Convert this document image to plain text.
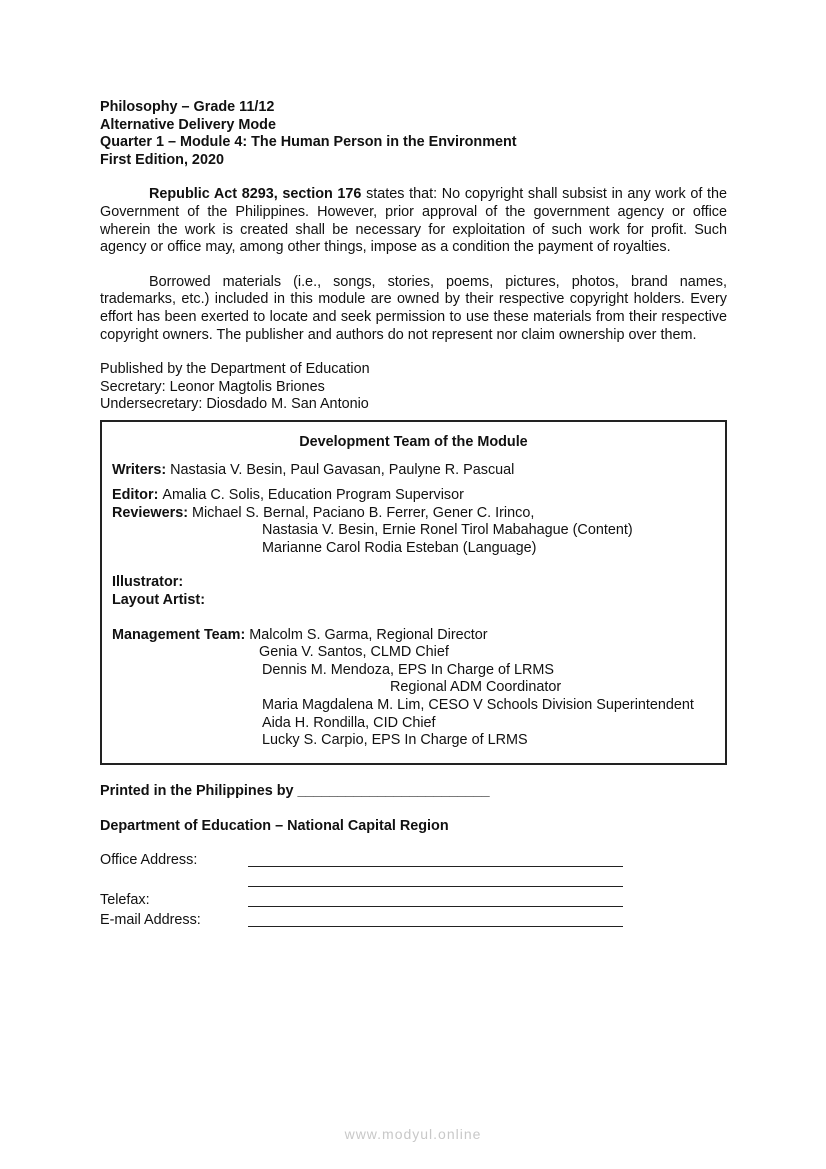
Philosophy – Grade 11/12
Alternative Delivery Mode
Quarter 1 – Module 4: The Human Person in the Environment
First Edition, 2020
Republic Act 8293, section 176 states that: No copyright shall subsist in any work of the Government of the Philippines. However, prior approval of the government agency or office wherein the work is created shall be necessary for exploitation of such work for profit. Such agency or office may, among other things, impose as a condition the payment of royalties.
Borrowed materials (i.e., songs, stories, poems, pictures, photos, brand names, trademarks, etc.) included in this module are owned by their respective copyright holders. Every effort has been exerted to locate and seek permission to use these materials from their respective copyright owners. The publisher and authors do not represent nor claim ownership over them.
Published by the Department of Education
Secretary: Leonor Magtolis Briones
Undersecretary: Diosdado M. San Antonio
Development Team of the Module
Writers:
Nastasia V. Besin, Paul Gavasan, Paulyne R. Pascual
Editor:
Amalia C. Solis, Education Program Supervisor
Reviewers:
Michael S. Bernal, Paciano B. Ferrer, Gener C. Irinco,
Nastasia V. Besin, Ernie Ronel Tirol Mabahague (Content)
Marianne Carol Rodia Esteban (Language)
Illustrator:
Layout Artist:
Management Team:
Malcolm S. Garma, Regional Director
Genia V. Santos, CLMD Chief
Dennis M. Mendoza, EPS In Charge of LRMS
Regional ADM Coordinator
Maria Magdalena M. Lim, CESO V Schools Division Superintendent
Aida H. Rondilla, CID Chief
Lucky S. Carpio, EPS In Charge of LRMS
Printed in the Philippines by ________________________
Department of Education – National Capital Region
Office Address:
Telefax:
E-mail Address:
www.modyul.online
